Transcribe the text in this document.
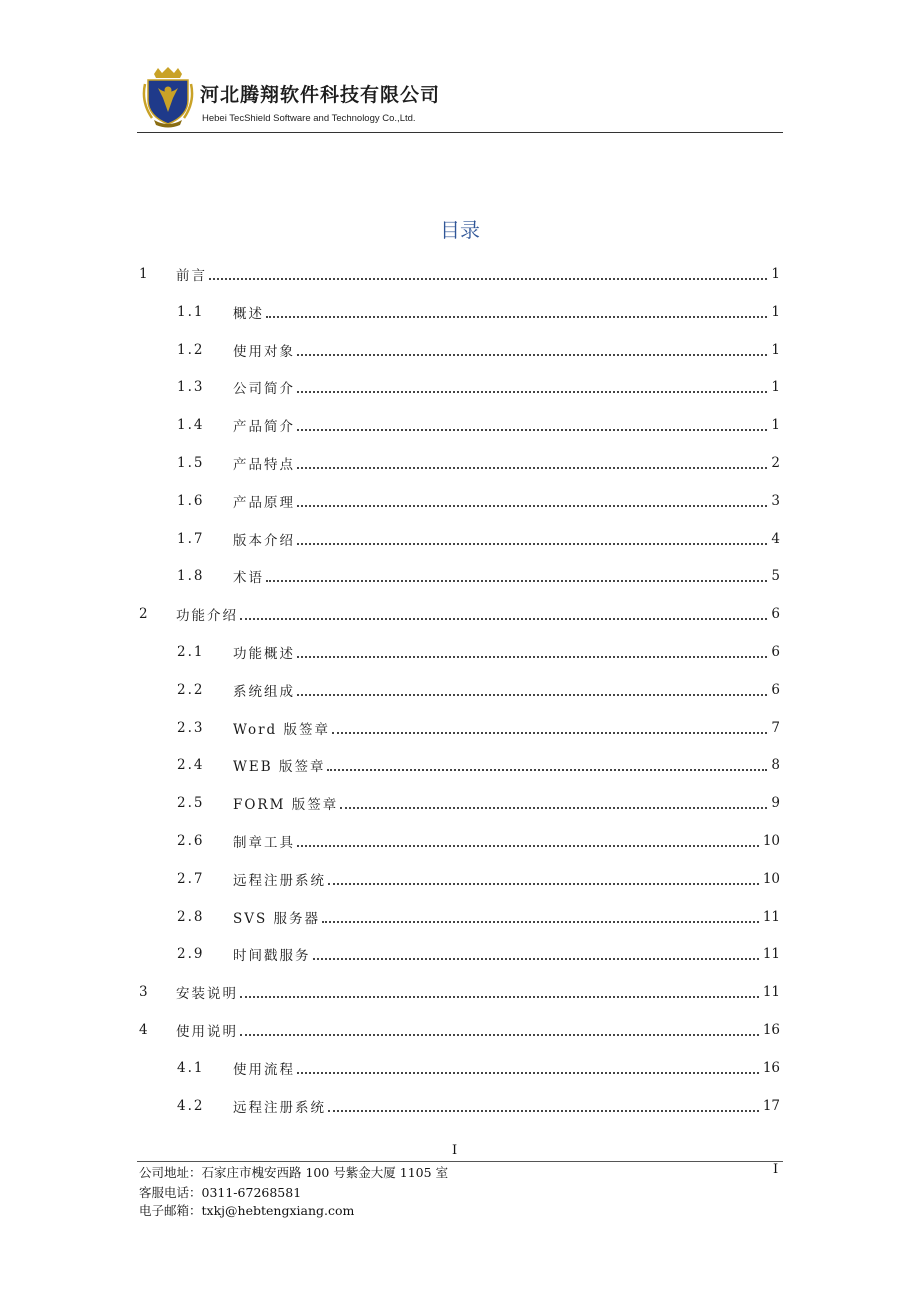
河北腾翔软件科技有限公司
Hebei TecShield Software and Technology Co.,Ltd.
目录
1	前言	1
1.1	概述	1
1.2	使用对象	1
1.3	公司简介	1
1.4	产品简介	1
1.5	产品特点	2
1.6	产品原理	3
1.7	版本介绍	4
1.8	术语	5
2	功能介绍	6
2.1	功能概述	6
2.2	系统组成	6
2.3	Word 版签章	7
2.4	WEB 版签章	8
2.5	FORM 版签章	9
2.6	制章工具	10
2.7	远程注册系统	10
2.8	SVS 服务器	11
2.9	时间戳服务	11
3	安装说明	11
4	使用说明	16
4.1	使用流程	16
4.2	远程注册系统	17
I
I
公司地址：石家庄市槐安西路 100 号紫金大厦 1105 室
客服电话：0311-67268581
电子邮箱：txkj@hebtengxiang.com
